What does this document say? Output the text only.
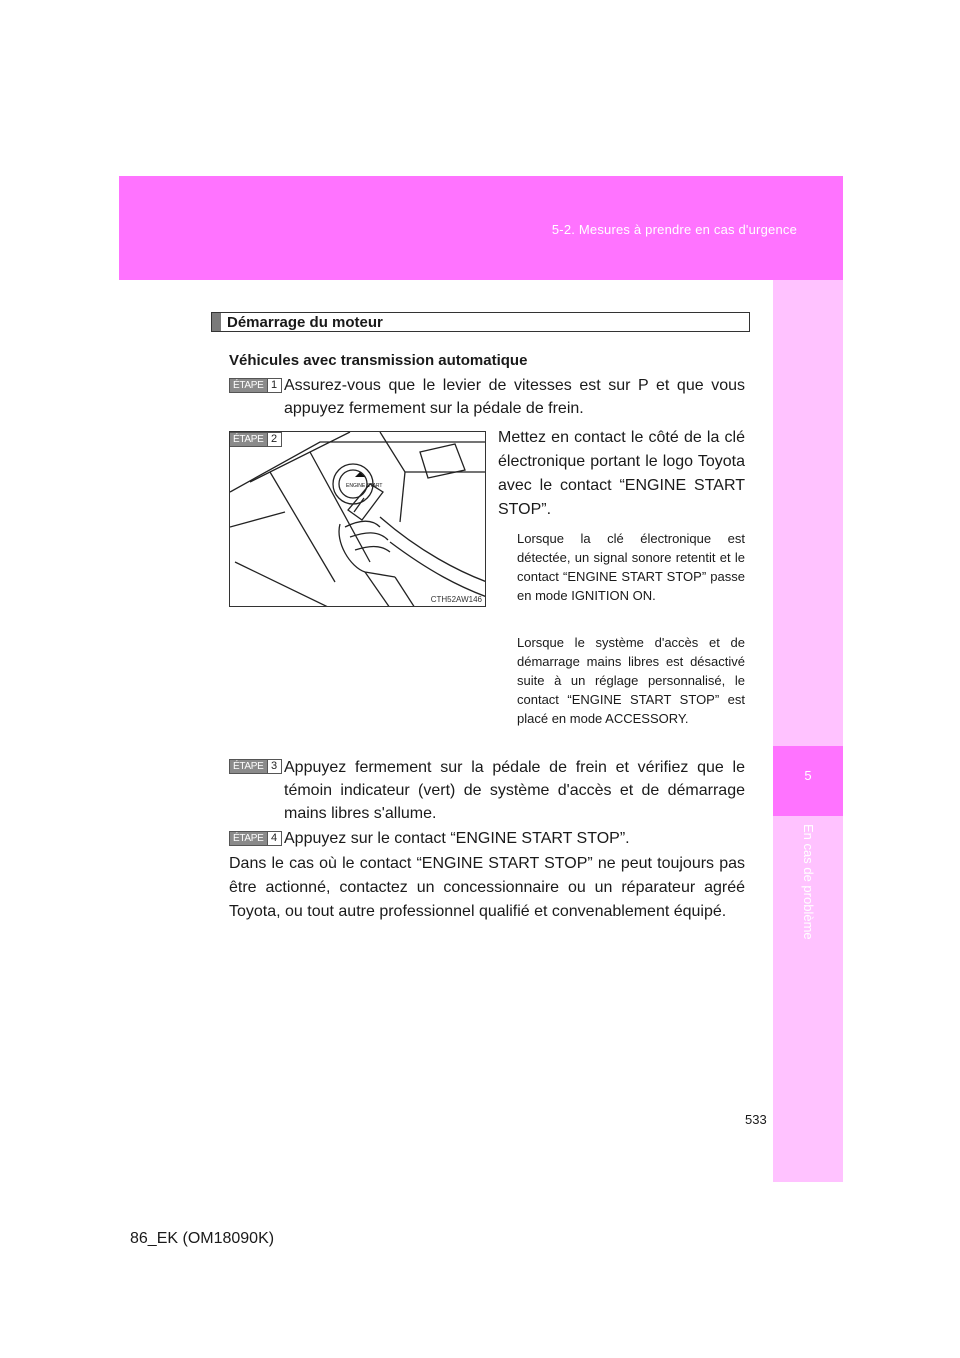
5-2. Mesures à prendre en cas d'urgence
5
En cas de problème
Démarrage du moteur
Véhicules avec transmission automatique
ÉTAPE 1 Assurez-vous que le levier de vitesses est sur P et que vous appuyez fermement sur la pédale de frein.
ENGINE START
ÉTAPE 2
CTH52AW146
Mettez en contact le côté de la clé électronique portant le logo Toyota avec le contact “ENGINE START STOP”.
Lorsque la clé électronique est détectée, un signal sonore retentit et le contact “ENGINE START STOP” passe en mode IGNITION ON.
Lorsque le système d'accès et de démarrage mains libres est désactivé suite à un réglage personnalisé, le contact “ENGINE START STOP” est placé en mode ACCESSORY.
ÉTAPE 3 Appuyez fermement sur la pédale de frein et vérifiez que le témoin indicateur (vert) de système d'accès et de démarrage mains libres s'allume.
ÉTAPE 4 Appuyez sur le contact “ENGINE START STOP”.
Dans le cas où le contact “ENGINE START STOP” ne peut toujours pas être actionné, contactez un concessionnaire ou un réparateur agréé Toyota, ou tout autre professionnel qualifié et convenablement équipé.
533
86_EK (OM18090K)
